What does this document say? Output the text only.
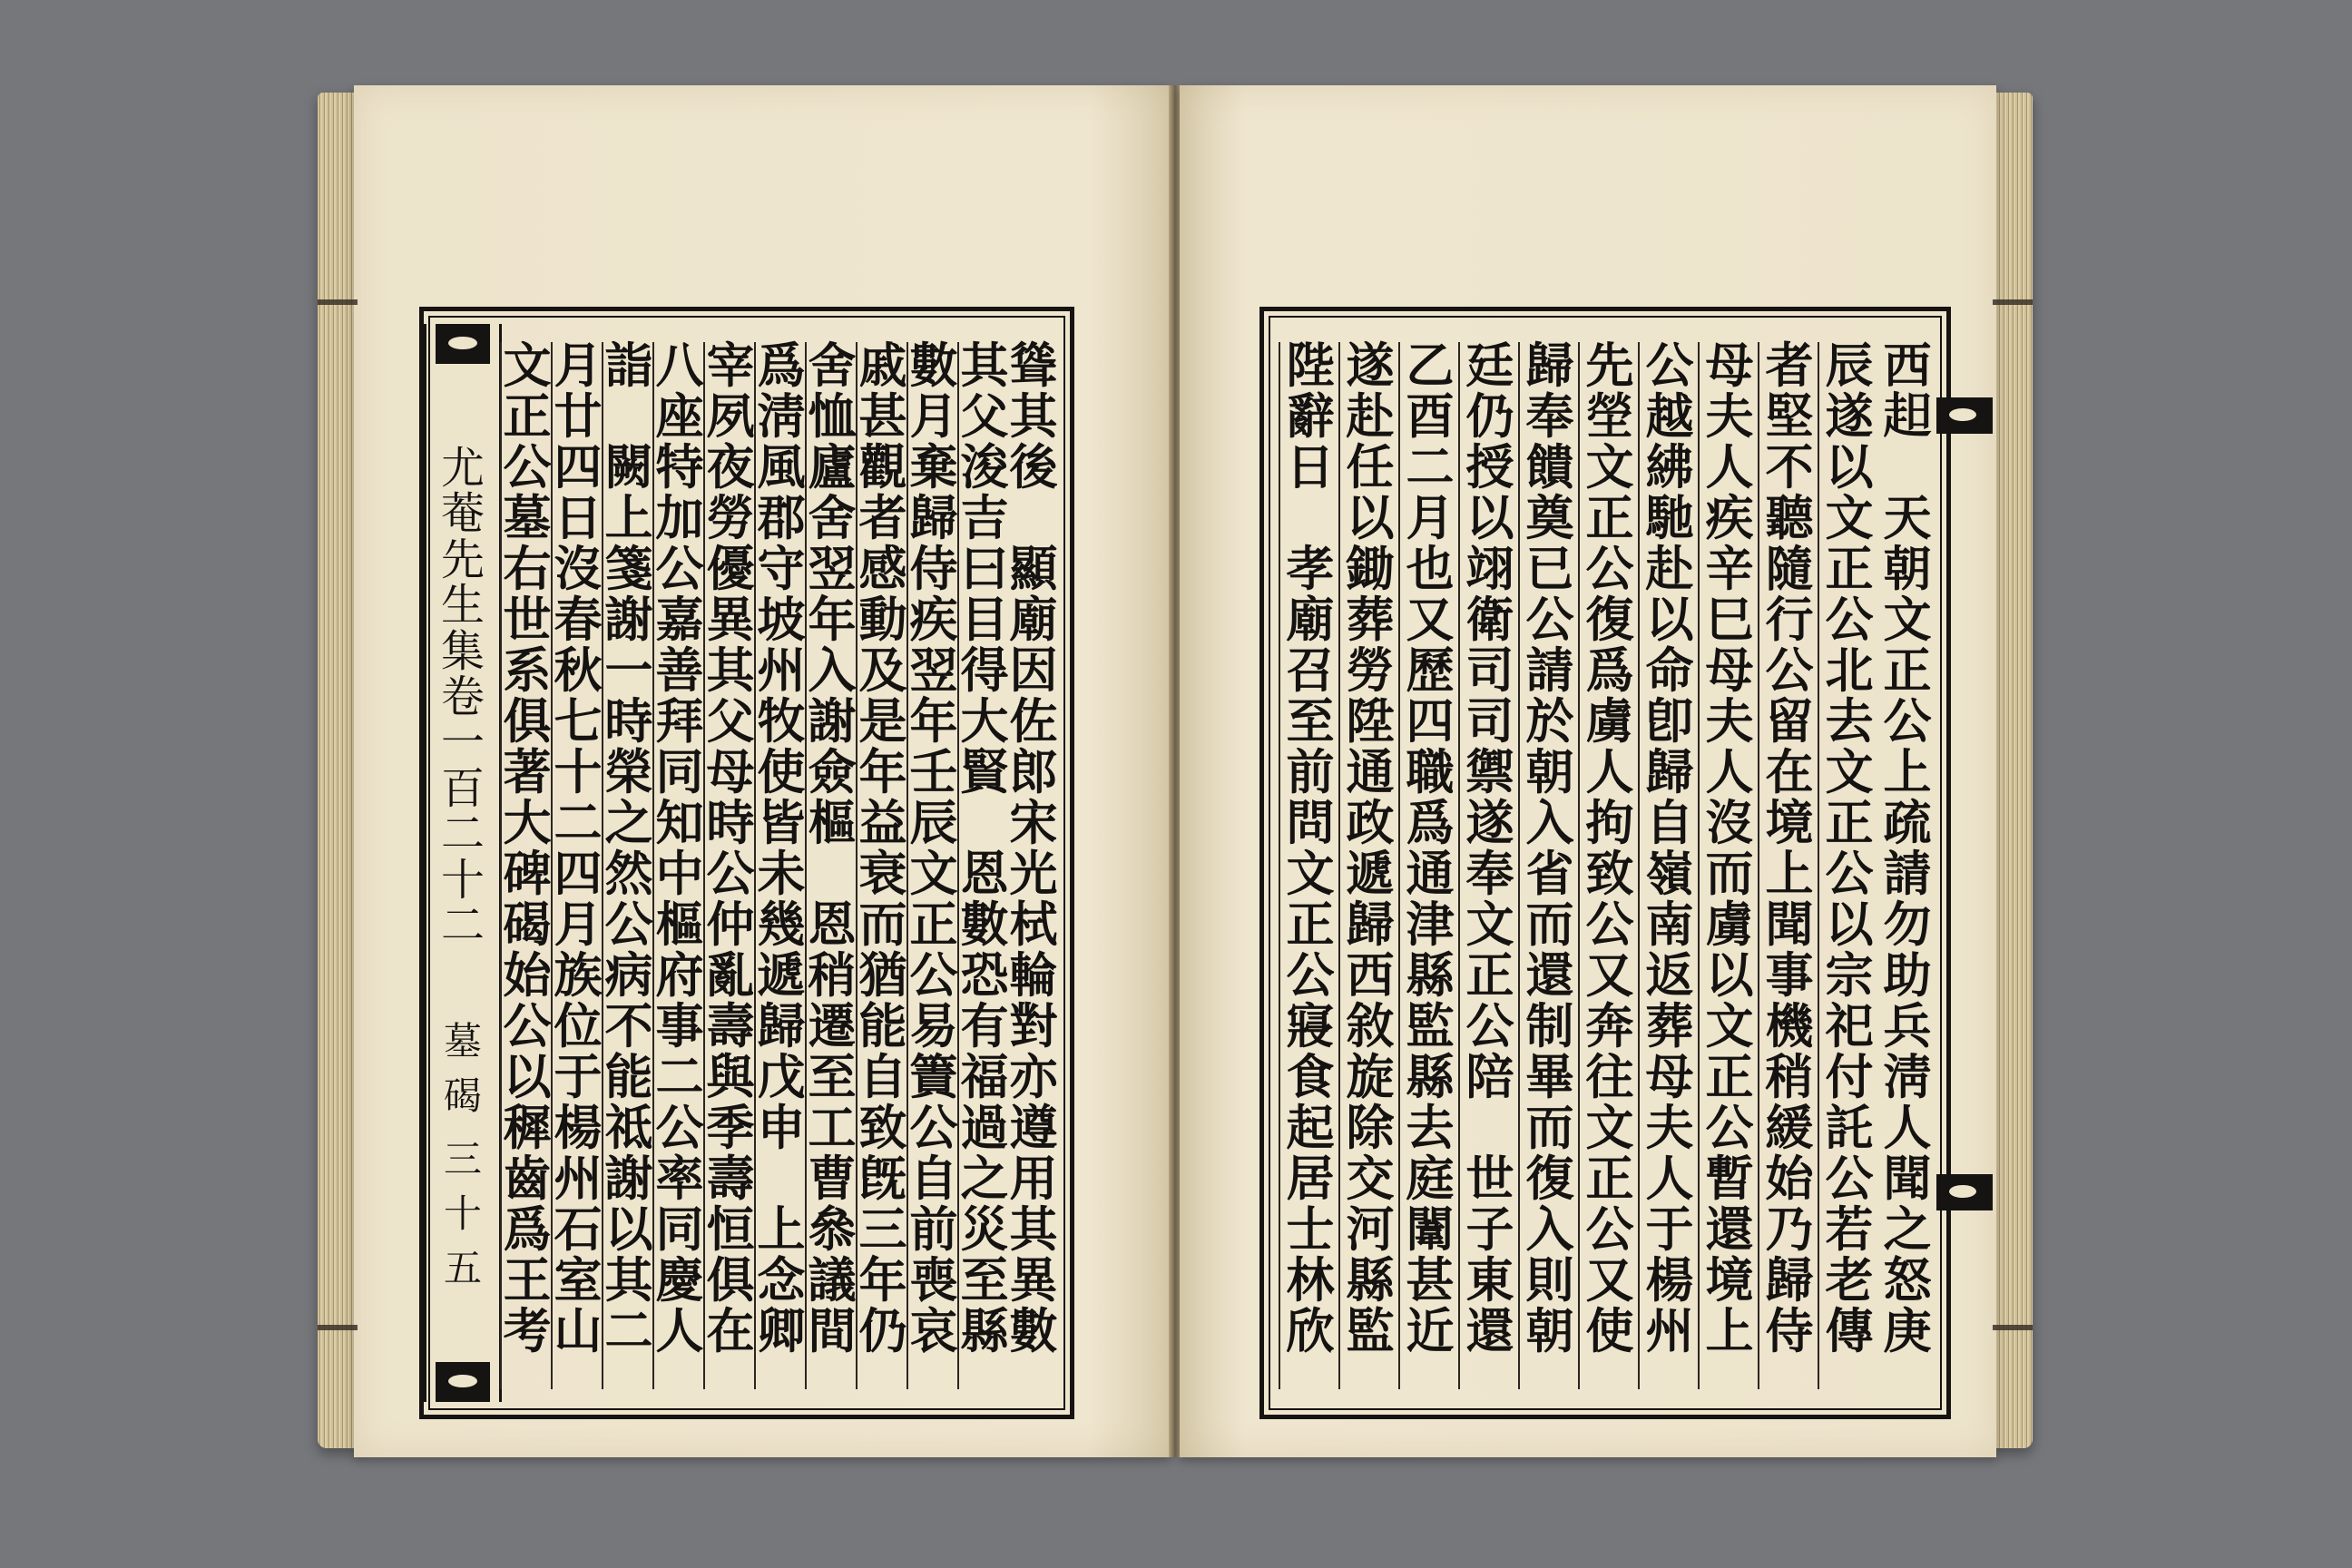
尤
菴
先
生
集
卷
一
百
二
十
二
墓
碣
三
十
五
聳
其
後

顯
廟
因
佐
郎
宋
光
栻
輪
對
亦
遵
用
其
異
數
其
父
浚
吉
曰
目
得
大
賢

恩
數
恐
有
福
過
之
災
至
縣
數
月
棄
歸
侍
疾
翌
年
壬
辰
文
正
公
易
簀
公
自
前
喪
哀
戚
甚
觀
者
感
動
及
是
年
益
衰
而
猶
能
自
致
旣
三
年
仍
舍
恤
廬
舍
翌
年
入
謝
僉
樞

恩
稍
遷
至
工
曹
叅
議
間
爲
淸
風
郡
守
坡
州
牧
使
皆
未
幾
遞
歸
戊
申

上
念
卿
宰
夙
夜
勞
優
異
其
父
母
時
公
仲
亂
壽
與
季
壽
恒
俱
在
八
座
特
加
公
嘉
善
拜
同
知
中
樞
府
事
二
公
率
同
慶
人
詣

闕
上
箋
謝
一
時
榮
之
然
公
病
不
能
祗
謝
以
其
二
月
廿
四
日
沒
春
秋
七
十
二
四
月
族
位
于
楊
州
石
室
山
文
正
公
墓
右
世
系
俱
著
大
碑
碣
始
公
以
穉
齒
爲
王
考
西
𧺝

天
朝
文
正
公
上
疏
請
勿
助
兵
淸
人
聞
之
怒
庚
辰
遂
以
文
正
公
北
去
文
正
公
以
宗
祀
付
託
公
若
老
傳
者
堅
不
聽
隨
行
公
留
在
境
上
聞
事
機
稍
緩
始
乃
歸
侍
母
夫
人
疾
辛
巳
母
夫
人
沒
而
虜
以
文
正
公
暫
還
境
上
公
越
紼
馳
赴
以
命
卽
歸
自
嶺
南
返
葬
母
夫
人
于
楊
州
先
塋
文
正
公
復
爲
虜
人
拘
致
公
又
奔
往
文
正
公
又
使
歸
奉
饋
奠
已
公
請
於
朝
入
省
而
還
制
畢
而
復
入
則
朝
廷
仍
授
以
翊
衛
司
司
禦
遂
奉
文
正
公
陪

世
子
東
還
乙
酉
二
月
也
又
歷
四
職
爲
通
津
縣
監
縣
去
庭
闈
甚
近
遂
赴
任
以
鋤
葬
勞
陞
通
政
遞
歸
西
敘
旋
除
交
河
縣
監
陛
辭
日

孝
廟
召
至
前
問
文
正
公
寢
食
起
居
士
林
欣
